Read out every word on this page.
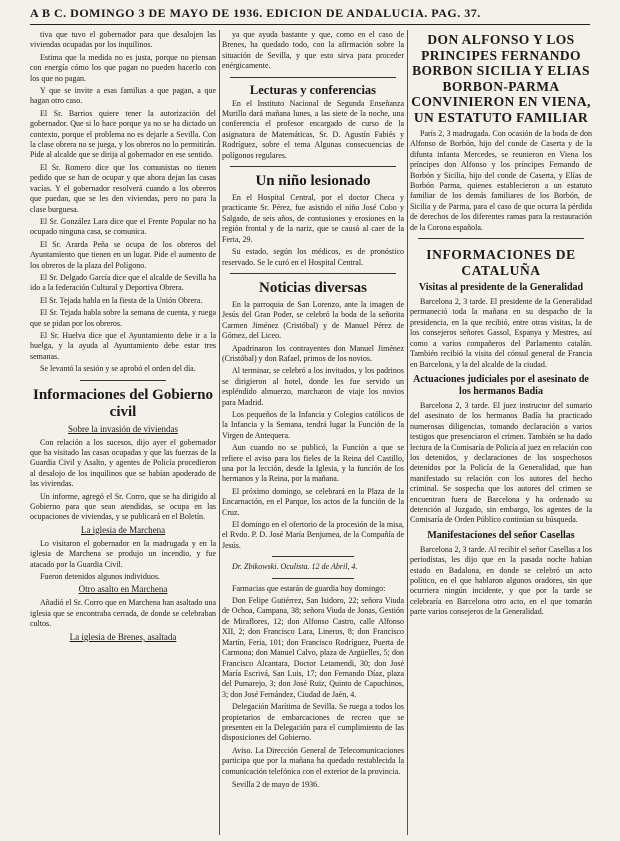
A B C. DOMINGO 3 DE MAYO DE 1936. EDICION DE ANDALUCIA. PAG. 37.

tiva que tuvo el gobernador para que desalojen las viviendas ocupadas por los inquilinos.

Estima que la medida no es justa, porque no piensan con energía cómo los que pagan no pueden hacerlo con los que no pagan.

Y que se invite a esas familias a que pagan, a que hagan otro caso.

El Sr. Barrios quiere tener la autorización del gobernador. Que si lo hace porque ya no se ha dictado un contexto, porque el problema no es dejarle a Sevilla. Con la clase obrera no se juega, y los obreros no lo permitirán. Pide al alcalde que se dirija al gobernador en ese sentido.

El Sr. Romero dice que los comunistas no tienen pedido que se han de ocupar y que ahora dejan las casas vacías. Y el gobernador resolverá cuando a los obreros que puedan, que se les den viviendas, pero no para la clase burguesa.

El Sr. González Lara dice que el Frente Popular no ha ocupado ninguna casa, se comunica.

El Sr. Ararda Peña se ocupa de los obreros del Ayuntamiento que tienen en un lugar. Pide el aumento de los obreros de la plaza del Polígono.

El Sr. Delgado García dice que el alcalde de Sevilla ha ido a la federación Cultural y Deportiva Obrera.

El Sr. Tejada habla en la fiesta de la Unión Obrera.

El Sr. Tejada habla sobre la semana de cuenta, y ruega que se pidan por los obreros.

El Sr. Huelva dice que el Ayuntamiento debe ir a la huelga, y la ayuda al Ayuntamiento debe estar tres semanas.

Se levantó la sesión y se aprobó el orden del día.

Informaciones del Gobierno civil
Sobre la invasión de viviendas

Con relación a los sucesos, dijo ayer el gobernador que ha visitado las casas ocupadas y que las fuerzas de la Guardia Civil y Asalto, y agentes de Policía procedieron al desalojo de los inquilinos que se habían apoderado de las viviendas.

Un informe, agregó el Sr. Corro, que se ha dirigido al Gobierno para que sean atendidas, se ocupa en las ocupaciones de viviendas, y se publicará en el Boletín.

La iglesia de Marchena

Lo visitaron el gobernador en la madrugada y en la iglesia de Marchena se produjo un incendio, y fue atacado por la Guardia Civil.

Fueron detenidos algunos individuos.

Otro asalto en Marchena

Añadió el Sr. Corro que en Marchena han asaltado una iglesia que se encontraba cerrada, de donde se celebraban cultos.

La iglesia de Brenes, asaltada

ya que ayuda bastante y que, como en el caso de Brenes, ha quedado todo, con la afirmación sobre la situación de Sevilla, y que esto sirva para proceder enérgicamente.

Lecturas y conferencias

En el Instituto Nacional de Segunda Enseñanza Murillo dará mañana lunes, a las siete de la noche, una conferencia el profesor encargado de curso de la asignatura de Matemáticas, Sr. D. Agustín Fabiés y Rodríguez, sobre el tema Algunas consecuencias de polígonos regulares.

Un niño lesionado

En el Hospital Central, por el doctor Checa y practicante Sr. Pérez, fue asistido el niño José Cobo y Salgado, de seis años, de contusiones y erosiones en la región frontal y de la nariz, que se causó al caer de la Feria, 29.

Su estado, según los médicos, es de pronóstico reservado. Se le curó en el Hospital Central.

Noticias diversas

En la parroquia de San Lorenzo, ante la imagen de Jesús del Gran Poder, se celebró la boda de la señorita Carmen Jiménez (Cristóbal) y de Manuel Pérez de Gómez, del Liceo.

Apadrinaron los contrayentes don Manuel Jiménez (Cristóbal) y don Rafael, primos de los novios.

Al terminar, se celebró a los invitados, y los padrinos se dirigieron al hotel, donde les fue servido un espléndido almuerzo, marcharon de viaje los novios para Madrid.

Los pequeños de la Infancia y Colegios católicos de la Infancia y la Semana, tendrá lugar la Función de la Virgen de Antequera.

Aun cuando no se publicó, la Función a que se refiere el aviso para los fieles de la Reina del Castillo, una por la lección, desde la Iglesia, y la función de los hermanos y la Reina, por la mañana.

El próximo domingo, se celebrará en la Plaza de la Encarnación, en el Parque, los actos de la función de la Cruz.

El domingo en el ofertorio de la procesión de la misa, el Rvdo. P. D. José María Benjumea, de la Compañía de Jesús.

Dr. Zbikowski. Oculista. 12 de Abril, 4.

Farmacias que estarán de guardia hoy domingo:

Don Felipe Gutiérrez, San Isidoro, 22; señora Viuda de Ochoa, Campana, 38; señora Viuda de Jonas, Gestión de Miraflores, 12; don Alfonso Castro, calle Alfonso XII, 2; don Francisco Lara, Lineros, 8; don Francisco Martín, Feria, 101; don Francisco Rodríguez, Puerta de Carmona; don Manuel Calvo, plaza de Argüelles, 5; don Francisco Alcantara, Doctor Letamendi, 30; don José María Escrivá, San Luis, 17; don Fernando Díaz, plaza del Pumarejo, 3; don José Ruiz, Quinto de Capuchinos, 3; don José Fernández, Ciudad de Jaén, 4.

Delegación Marítima de Sevilla. Se ruega a todos los propietarios de embarcaciones de recreo que se presenten en la Delegación para el cumplimiento de las disposiciones del Gobierno.

Aviso. La Dirección General de Telecomunicaciones participa que por la mañana ha quedado restablecida la comunicación telefónica con el exterior de la provincia.

Sevilla 2 de mayo de 1936.

DON ALFONSO Y LOS PRINCIPES FERNANDO BORBON SICILIA Y ELIAS BORBON-PARMA CONVINIERON EN VIENA, UN ESTATUTO FAMILIAR

París 2, 3 madrugada. Con ocasión de la boda de don Alfonso de Borbón, hijo del conde de Caserta y de la difunta infanta Mercedes, se reunieron en Viena los príncipes don Alfonso y los príncipes Fernando de Borbón y Sicilia, hijo del conde de Caserta, y Elías de Borbón Parma, quienes establecieron a un estatuto familiar de los demás familiares de los Borbón, de Sicilia y de Parma, para el caso de que ocurra la pérdida de derechos de los diferentes ramas para la restauración de la Corona española.

INFORMACIONES DE CATALUÑA
Visitas al presidente de la Generalidad

Barcelona 2, 3 tarde. El presidente de la Generalidad permaneció toda la mañana en su despacho de la presidencia, en la que recibió, entre otras visitas, la de los consejeros señores Gassol, Espanya y Mestres, así como a varios compañeros del Parlamento catalán. También recibió la visita del cónsul general de Francia en Barcelona, y la del alcalde de la ciudad.

Actuaciones judiciales por el asesinato de los hermanos Badía

Barcelona 2, 3 tarde. El juez instructor del sumario del asesinato de los hermanos Badía ha practicado numerosas diligencias, tomando declaración a varios testigos que presenciaron el crimen. También se ha dado lectura de la Comisaría de Policía al juez en relación con los detenidos, y declaraciones de los sospechosos detenidos por la Policía de la Generalidad, que han manifestado su relación con los autores del hecho criminal. Se sospecha que los autores del crimen se encuentran fuera de Barcelona y ha ordenado su detención al Juzgado, sin embargo, los agentes de la Comisaría de Orden Público continúan su búsqueda.

Manifestaciones del señor Casellas

Barcelona 2, 3 tarde. Al recibir el señor Casellas a los periodistas, les dijo que en la pasada noche habían estado en Badalona, en donde se celebró un acto político, en el que hablaron algunos oradores, sin que ocurriera ningún incidente, y que por la tarde se celebraría en Barcelona otro acto, en el que tomarán parte varios consejeros de la Generalidad.
